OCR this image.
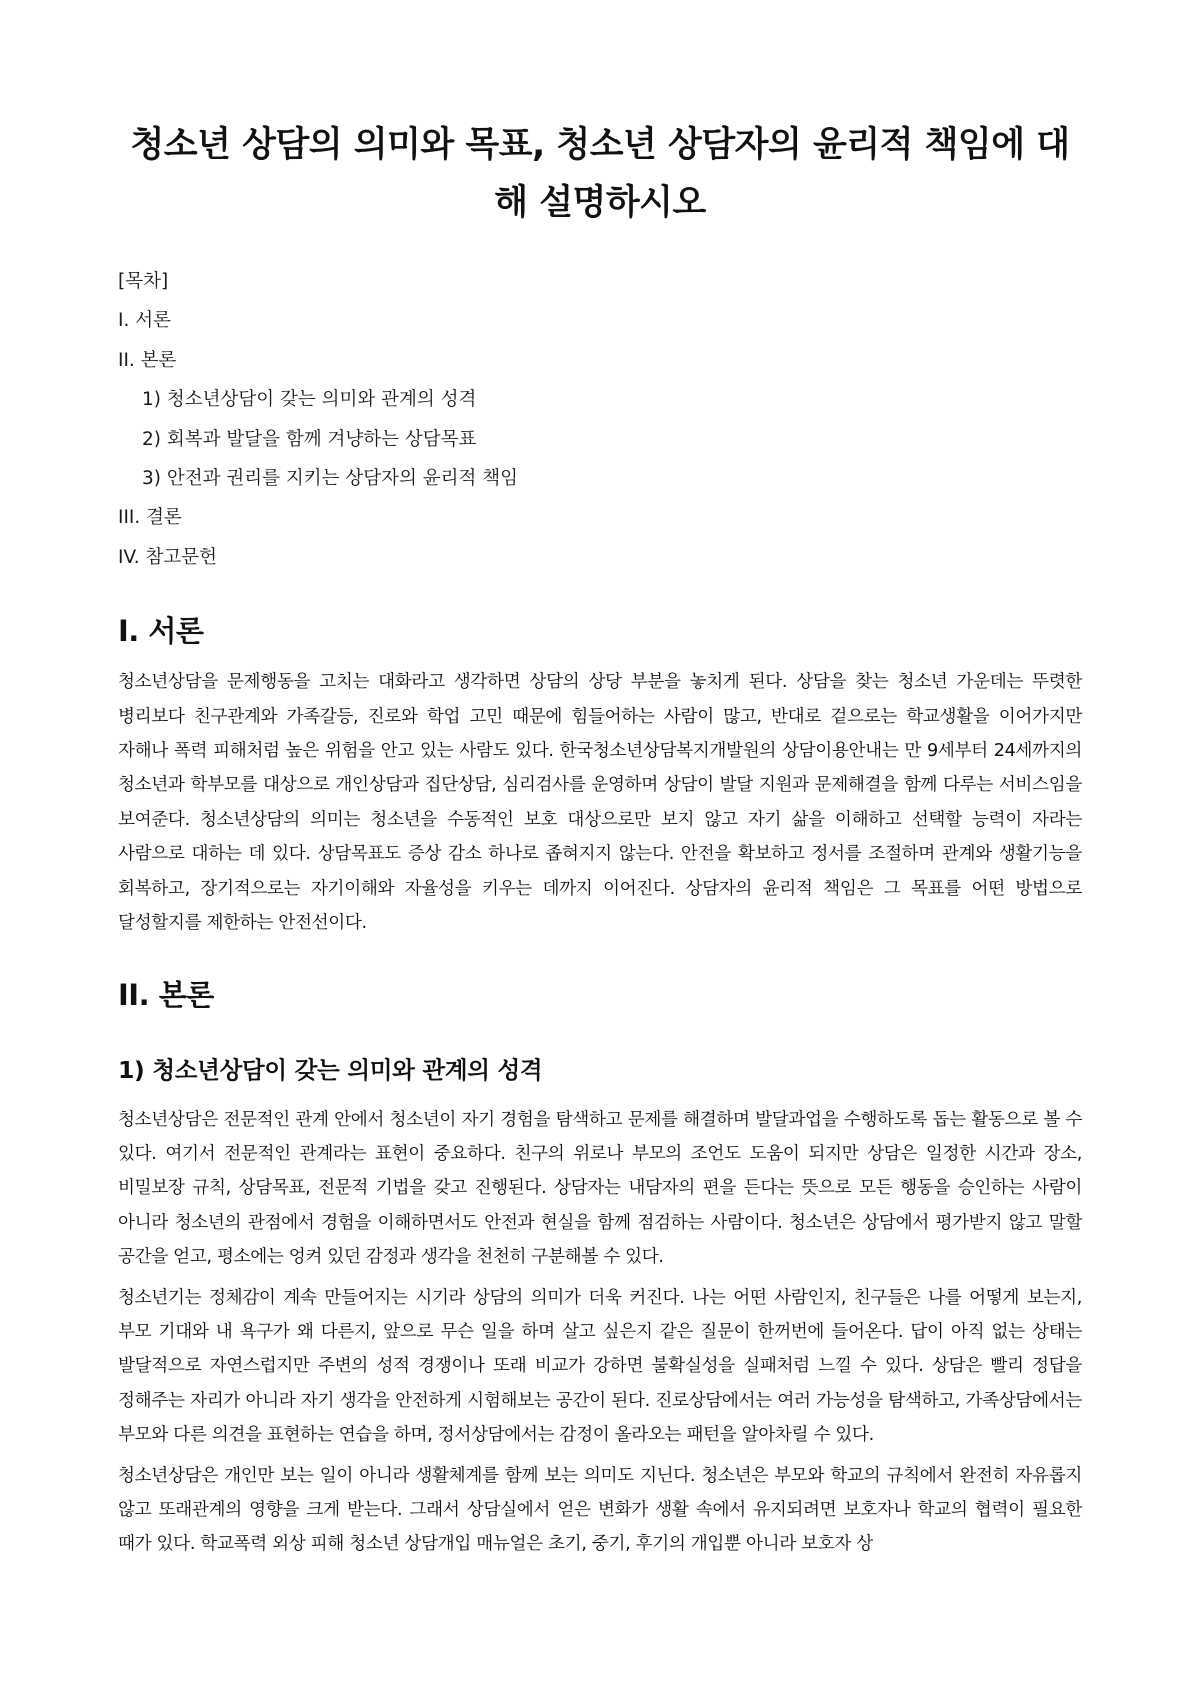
청소년 상담의 의미와 목표, 청소년 상담자의 윤리적 책임에 대해 설명하시오
[목차]
I. 서론
II. 본론
1) 청소년상담이 갖는 의미와 관계의 성격
2) 회복과 발달을 함께 겨냥하는 상담목표
3) 안전과 권리를 지키는 상담자의 윤리적 책임
III. 결론
IV. 참고문헌
I. 서론

청소년상담을 문제행동을 고치는 대화라고 생각하면 상담의 상당 부분을 놓치게 된다. 상담을 찾는 청소년 가운데는 뚜렷한 병리보다 친구관계와 가족갈등, 진로와 학업 고민 때문에 힘들어하는 사람이 많고, 반대로 겉으로는 학교생활을 이어가지만 자해나 폭력 피해처럼 높은 위험을 안고 있는 사람도 있다. 한국청소년상담복지개발원의 상담이용안내는 만 9세부터 24세까지의 청소년과 학부모를 대상으로 개인상담과 집단상담, 심리검사를 운영하며 상담이 발달 지원과 문제해결을 함께 다루는 서비스임을 보여준다. 청소년상담의 의미는 청소년을 수동적인 보호 대상으로만 보지 않고 자기 삶을 이해하고 선택할 능력이 자라는 사람으로 대하는 데 있다. 상담목표도 증상 감소 하나로 좁혀지지 않는다. 안전을 확보하고 정서를 조절하며 관계와 생활기능을 회복하고, 장기적으로는 자기이해와 자율성을 키우는 데까지 이어진다. 상담자의 윤리적 책임은 그 목표를 어떤 방법으로 달성할지를 제한하는 안전선이다.

II. 본론
1) 청소년상담이 갖는 의미와 관계의 성격

청소년상담은 전문적인 관계 안에서 청소년이 자기 경험을 탐색하고 문제를 해결하며 발달과업을 수행하도록 돕는 활동으로 볼 수 있다. 여기서 전문적인 관계라는 표현이 중요하다. 친구의 위로나 부모의 조언도 도움이 되지만 상담은 일정한 시간과 장소, 비밀보장 규칙, 상담목표, 전문적 기법을 갖고 진행된다. 상담자는 내담자의 편을 든다는 뜻으로 모든 행동을 승인하는 사람이 아니라 청소년의 관점에서 경험을 이해하면서도 안전과 현실을 함께 점검하는 사람이다. 청소년은 상담에서 평가받지 않고 말할 공간을 얻고, 평소에는 엉켜 있던 감정과 생각을 천천히 구분해볼 수 있다.

청소년기는 정체감이 계속 만들어지는 시기라 상담의 의미가 더욱 커진다. 나는 어떤 사람인지, 친구들은 나를 어떻게 보는지, 부모 기대와 내 욕구가 왜 다른지, 앞으로 무슨 일을 하며 살고 싶은지 같은 질문이 한꺼번에 들어온다. 답이 아직 없는 상태는 발달적으로 자연스럽지만 주변의 성적 경쟁이나 또래 비교가 강하면 불확실성을 실패처럼 느낄 수 있다. 상담은 빨리 정답을 정해주는 자리가 아니라 자기 생각을 안전하게 시험해보는 공간이 된다. 진로상담에서는 여러 가능성을 탐색하고, 가족상담에서는 부모와 다른 의견을 표현하는 연습을 하며, 정서상담에서는 감정이 올라오는 패턴을 알아차릴 수 있다.

청소년상담은 개인만 보는 일이 아니라 생활체계를 함께 보는 의미도 지닌다. 청소년은 부모와 학교의 규칙에서 완전히 자유롭지 않고 또래관계의 영향을 크게 받는다. 그래서 상담실에서 얻은 변화가 생활 속에서 유지되려면 보호자나 학교의 협력이 필요한 때가 있다. 학교폭력 외상 피해 청소년 상담개입 매뉴얼은 초기, 중기, 후기의 개입뿐 아니라 보호자 상
